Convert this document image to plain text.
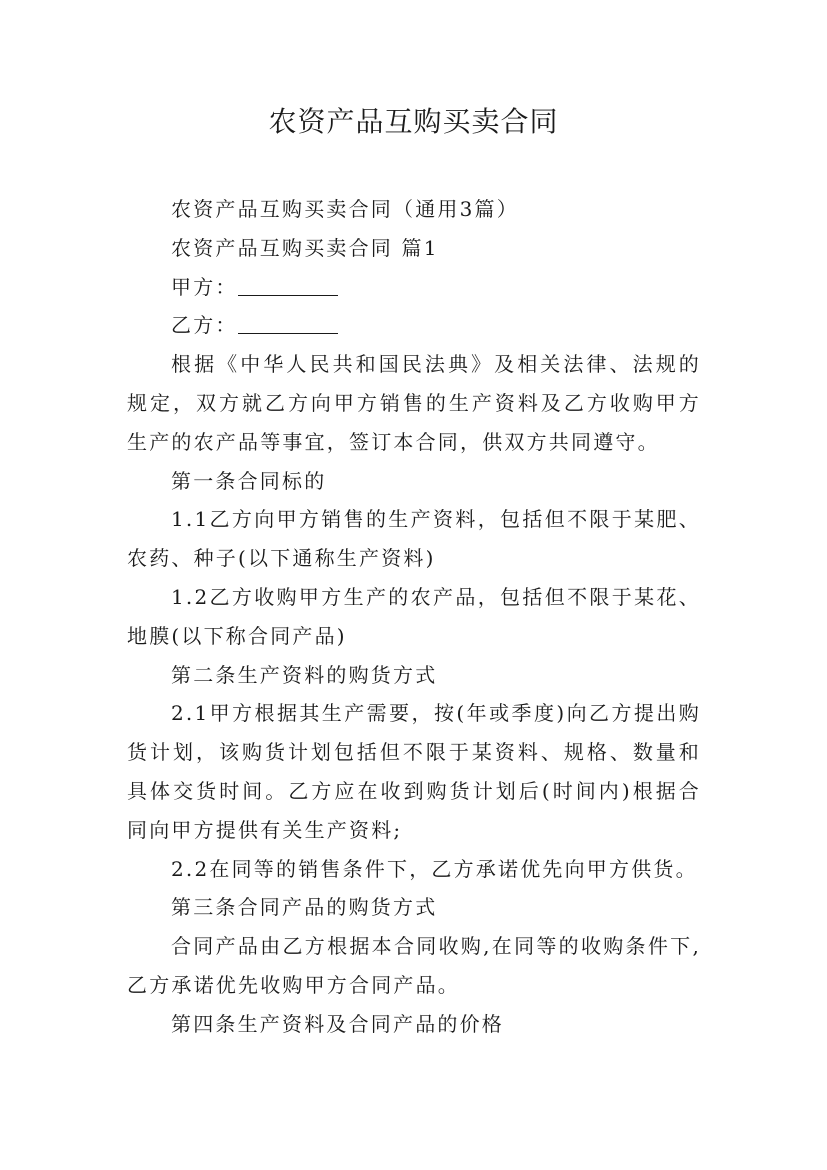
农资产品互购买卖合同

农资产品互购买卖合同（通用3篇）

农资产品互购买卖合同 篇1

甲方：

乙方：

根据《中华人民共和国民法典》及相关法律、法规的规定，双方就乙方向甲方销售的生产资料及乙方收购甲方生产的农产品等事宜，签订本合同，供双方共同遵守。

第一条合同标的

1.1乙方向甲方销售的生产资料，包括但不限于某肥、农药、种子(以下通称生产资料)

1.2乙方收购甲方生产的农产品，包括但不限于某花、地膜(以下称合同产品)

第二条生产资料的购货方式

2.1甲方根据其生产需要，按(年或季度)向乙方提出购货计划，该购货计划包括但不限于某资料、规格、数量和具体交货时间。乙方应在收到购货计划后(时间内)根据合同向甲方提供有关生产资料;

2.2在同等的销售条件下，乙方承诺优先向甲方供货。

第三条合同产品的购货方式

合同产品由乙方根据本合同收购,在同等的收购条件下,乙方承诺优先收购甲方合同产品。

第四条生产资料及合同产品的价格
